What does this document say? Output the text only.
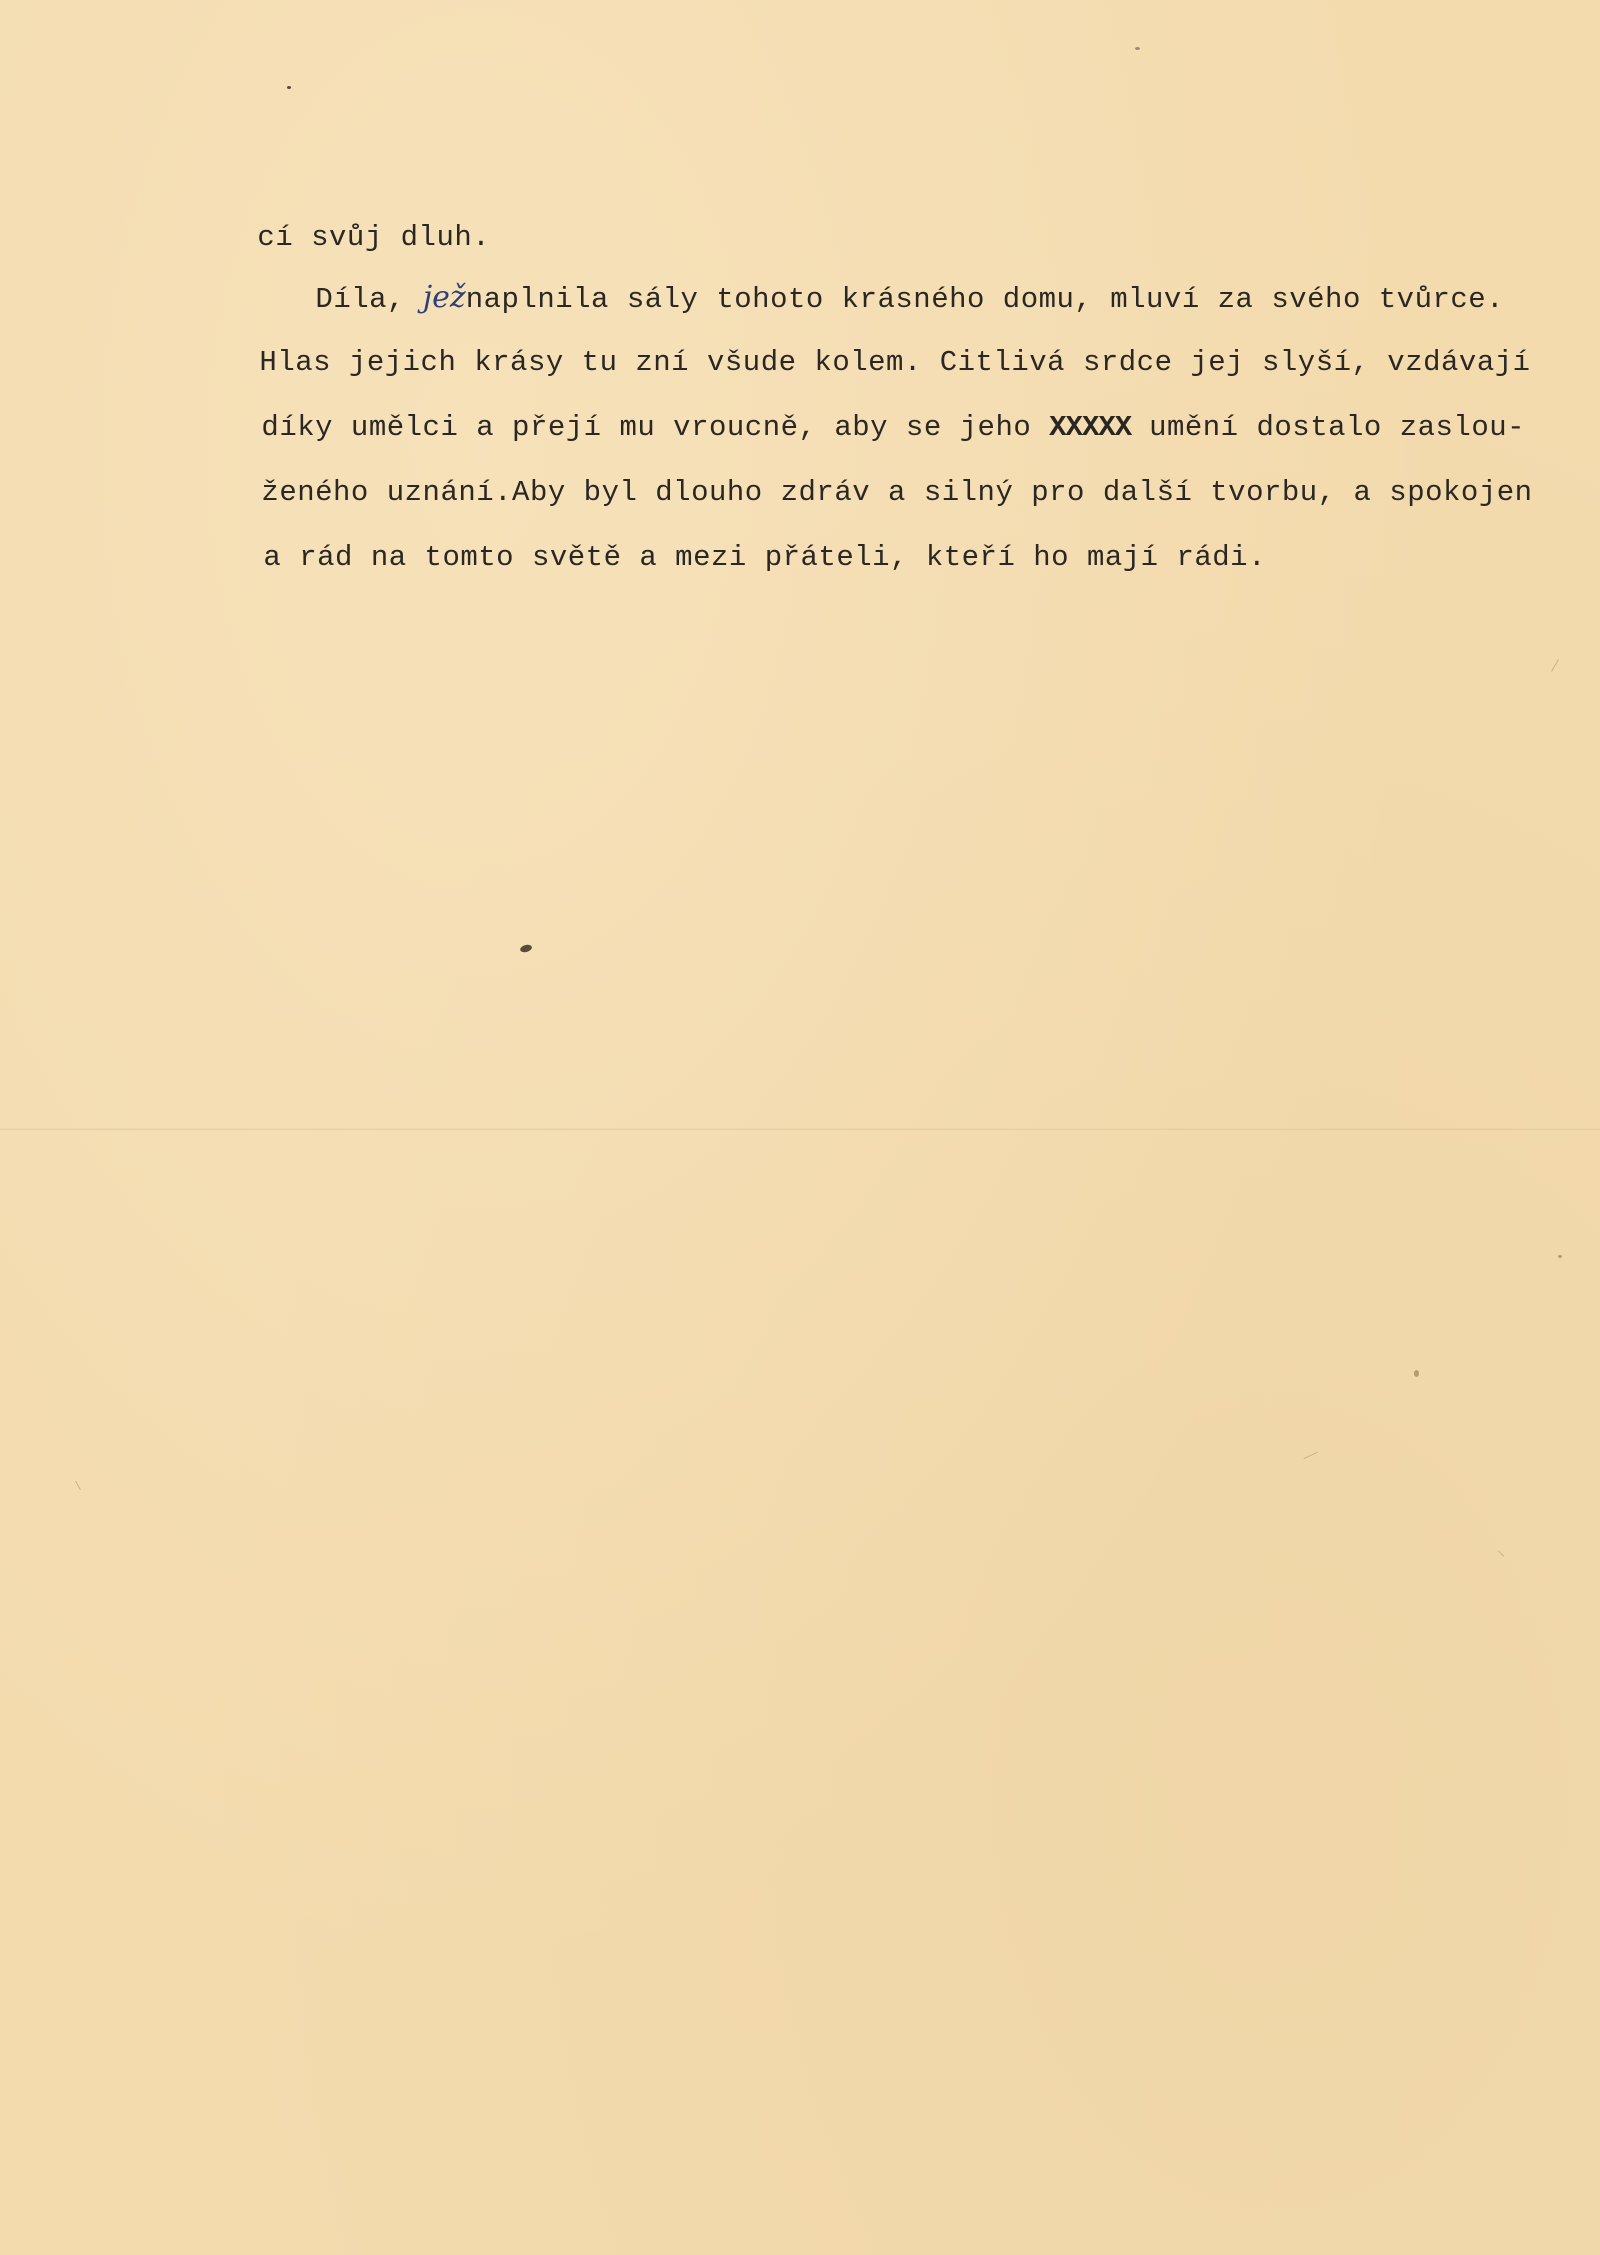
cí svůj dluh.

Díla, ježnaplnila sály tohoto krásného domu, mluví za svého tvůrce.

Hlas jejich krásy tu zní všude kolem. Citlivá srdce jej slyší, vzdávají

díky umělci a přejí mu vroucně, aby se jeho XXXXX umění dostalo zaslou-

ženého uznání.Aby byl dlouho zdráv a silný pro další tvorbu, a spokojen

a rád na tomto světě a mezi přáteli, kteří ho mají rádi.
